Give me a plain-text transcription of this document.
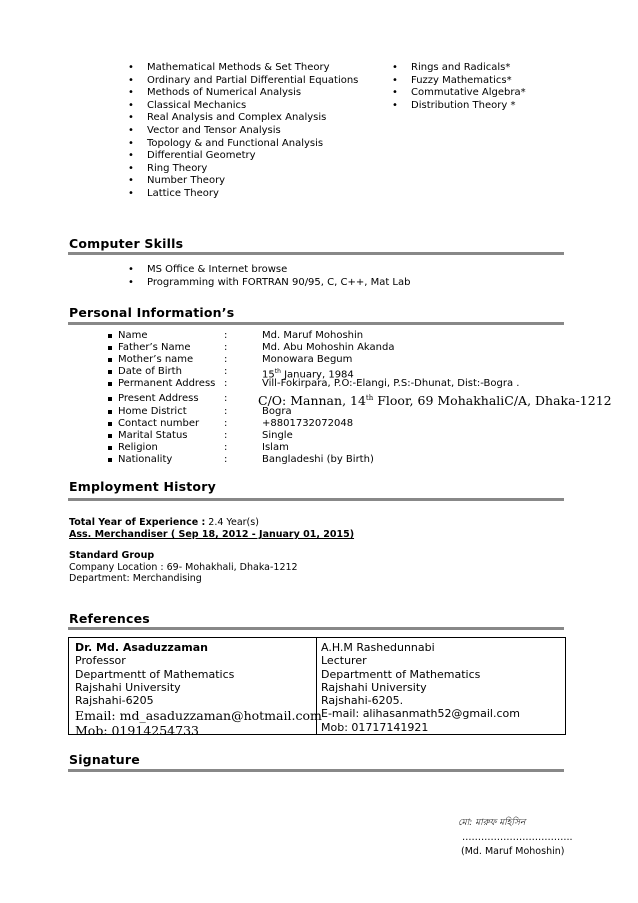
• Mathematical Methods & Set Theory
• Ordinary and Partial Differential Equations
• Methods of Numerical Analysis
• Classical Mechanics
• Real Analysis and Complex Analysis
• Vector and Tensor Analysis
• Topology & and Functional Analysis
• Differential Geometry
• Ring Theory
• Number Theory
• Lattice Theory
• Rings and Radicals*
• Fuzzy Mathematics*
• Commutative Algebra*
• Distribution Theory *
Computer Skills
• MS Office & Internet browse
• Programming with FORTRAN 90/95, C, C++, Mat Lab
Personal Information’s
Name	:	Md. Maruf Mohoshin
Father’s Name	:	Md. Abu Mohoshin Akanda
Mother’s name	:	Monowara Begum
Date of Birth	:	15th January, 1984
Permanent Address :	Vill-Fokirpara, P.O:-Elangi, P.S:-Dhunat, Dist:-Bogra .
Present Address	: C/O: Mannan, 14th Floor, 69 MohakhaliC/A, Dhaka-1212
Home District	:	Bogra
Contact number :	+8801732072048
Marital Status	:	Single
Religion	:	Islam
Nationality	:	Bangladeshi (by Birth)
Employment History
Total Year of Experience : 2.4 Year(s)
Ass. Merchandiser ( Sep 18, 2012 - January 01, 2015)
Standard Group
Company Location : 69- Mohakhali, Dhaka-1212
Department: Merchandising
References
Dr. Md. Asaduzzaman
Professor
Departmentt of Mathematics
Rajshahi University
Rajshahi-6205
Email: md_asaduzzaman@hotmail.com
Mob: 01914254733
A.H.M Rashedunnabi
Lecturer
Departmentt of Mathematics
Rajshahi University
Rajshahi-6205.
E-mail: alihasanmath52@gmail.com
Mob: 01717141921
Signature
মো: মারুফ মহিসিন
……………………………..
(Md. Maruf Mohoshin)
